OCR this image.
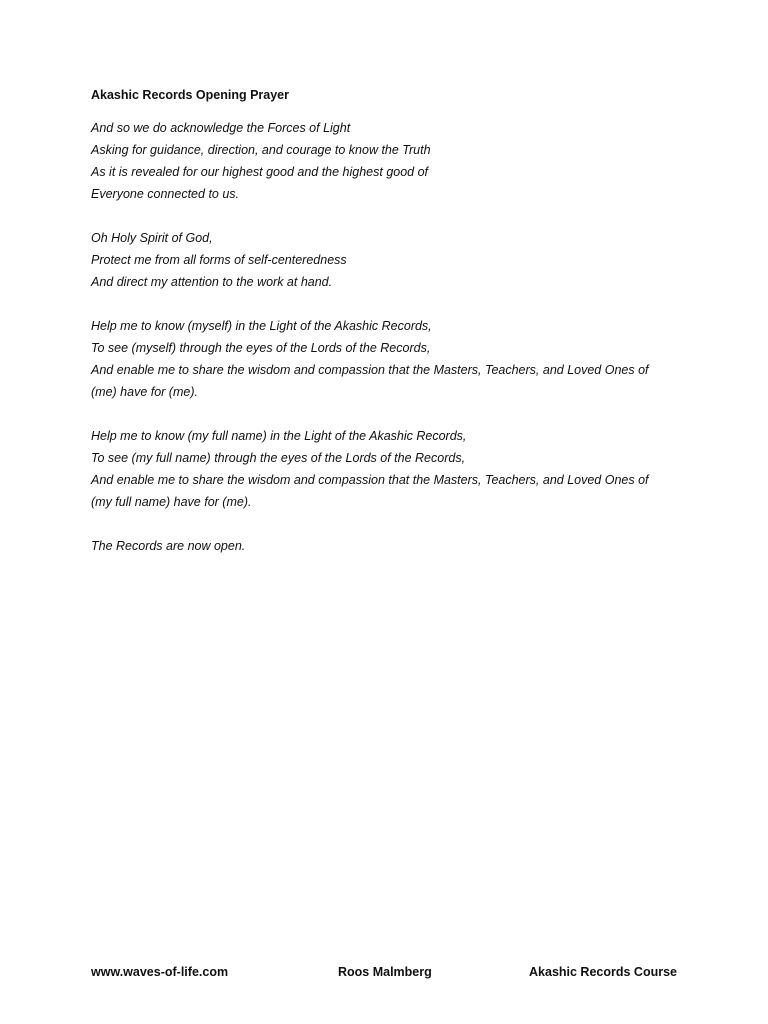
Akashic Records Opening Prayer
And so we do acknowledge the Forces of Light
Asking for guidance, direction, and courage to know the Truth
As it is revealed for our highest good and the highest good of
Everyone connected to us.
Oh Holy Spirit of God,
Protect me from all forms of self-centeredness
And direct my attention to the work at hand.
Help me to know (myself) in the Light of the Akashic Records,
To see (myself) through the eyes of the Lords of the Records,
And enable me to share the wisdom and compassion that the Masters, Teachers, and Loved Ones of
(me) have for (me).
Help me to know (my full name) in the Light of the Akashic Records,
To see (my full name) through the eyes of the Lords of the Records,
And enable me to share the wisdom and compassion that the Masters, Teachers, and Loved Ones of
(my full name) have for (me).
The Records are now open.
www.waves-of-life.com	Roos Malmberg	Akashic Records Course
